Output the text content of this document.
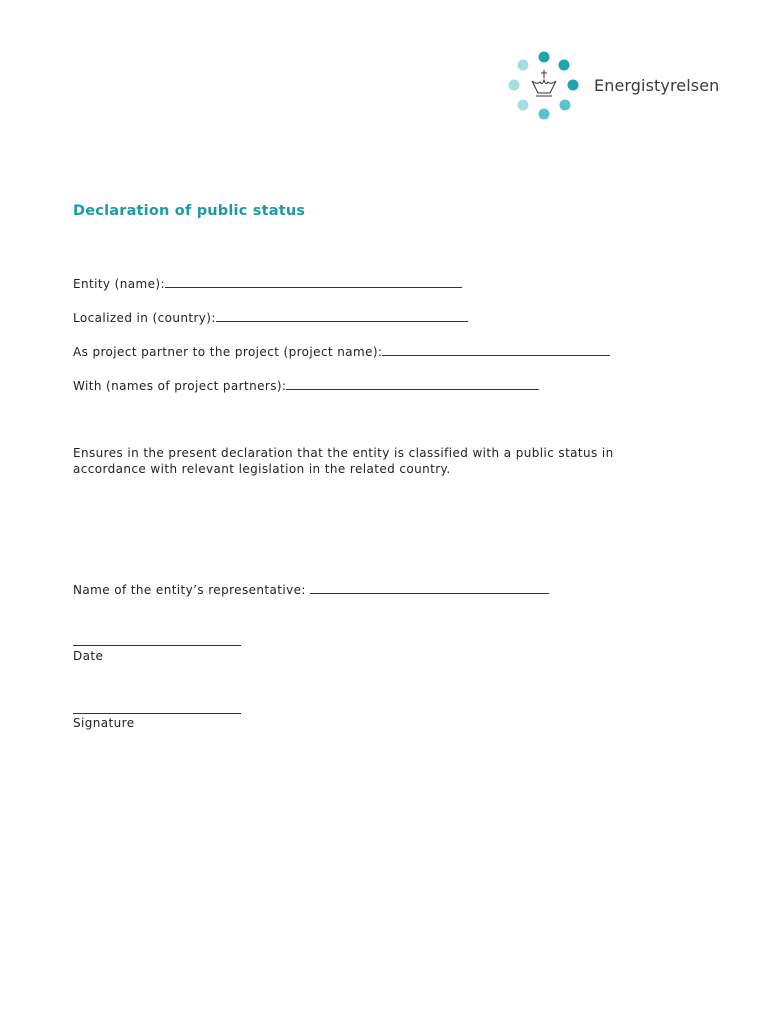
Energistyrelsen
Declaration of public status
Entity (name):
Localized in (country):
As project partner to the project (project name):
With (names of project partners):

Ensures in the present declaration that the entity is classified with a public status in accordance with relevant legislation in the related country.

Name of the entity’s representative:
Date
Signature
